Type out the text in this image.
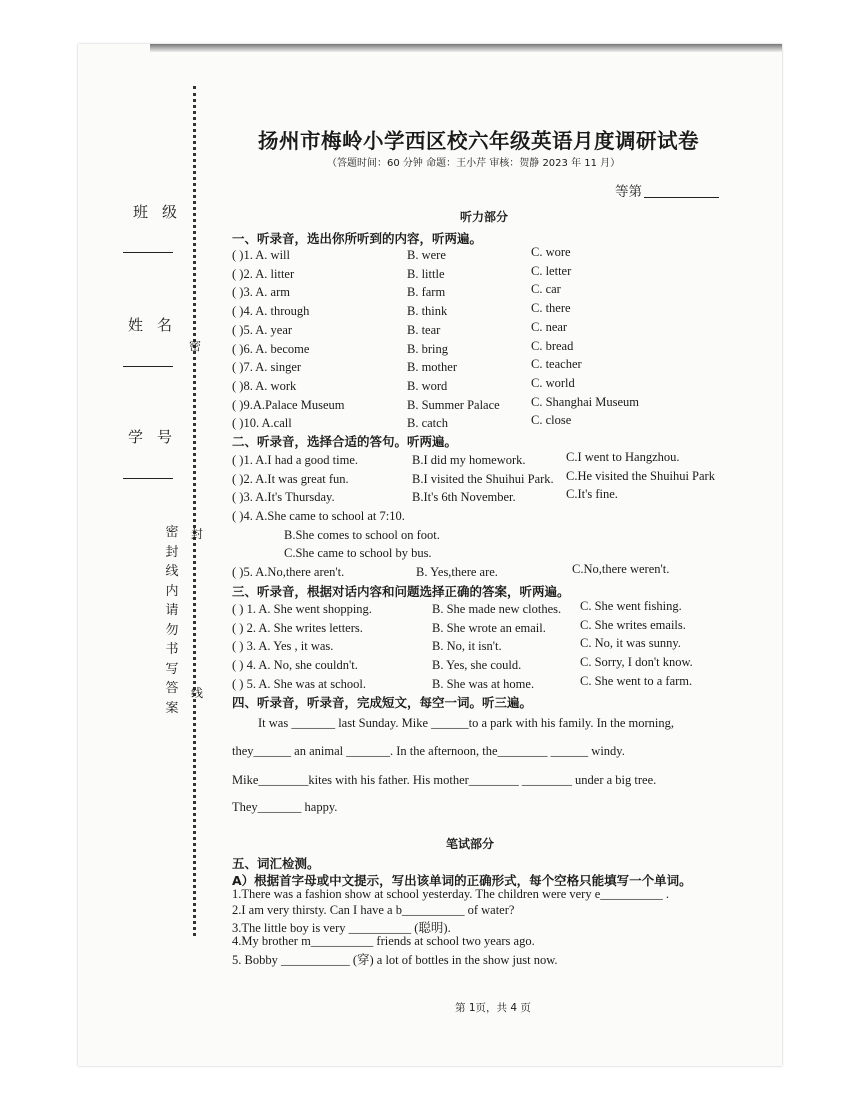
班级
姓名
学号
密
封
线
密封线内请勿书写答案
扬州市梅岭小学西区校六年级英语月度调研试卷
（答题时间：60 分钟 命题：王小芹 审核：贺静 2023 年 11 月）
等第
听力部分
一、听录音，选出你所听到的内容，听两遍。
( )1. A. will	B. were	C. wore
( )2. A. litter	B. little	C. letter
( )3. A. arm	B. farm	C. car
( )4. A. through	B. think	C. there
( )5. A. year	B. tear	C. near
( )6. A. become	B. bring	C. bread
( )7. A. singer	B. mother	C. teacher
( )8. A. work	B. word	C. world
( )9.A.Palace Museum	B. Summer Palace	C. Shanghai Museum
( )10. A.call	B. catch	C. close
二、听录音，选择合适的答句。听两遍。
( )1. A.I had a good time.	B.I did my homework.	C.I went to Hangzhou.
( )2. A.It was great fun.	B.I visited the Shuihui Park. C.He visited the Shuihui Park
( )3. A.It's Thursday.	B.It's 6th November.	C.It's fine.
( )4. A.She came to school at 7:10.
B.She comes to school on foot.
C.She came to school by bus.
( )5. A.No,there aren't.	B. Yes,there are.	C.No,there weren't.
三、听录音，根据对话内容和问题选择正确的答案，听两遍。
( ) 1. A. She went shopping.	B. She made new clothes. C. She went fishing.
( ) 2. A. She writes letters.	B. She wrote an email.	C. She writes emails.
( ) 3. A. Yes , it was.	B. No, it isn't.	C. No, it was sunny.
( ) 4. A. No, she couldn't.	B. Yes, she could.	C. Sorry, I don't know.
( ) 5. A. She was at school.	B. She was at home.	C. She went to a farm.
四、听录音，听录音，完成短文，每空一词。听三遍。
It was _______ last Sunday. Mike ______to a park with his family. In the morning,
they______ an animal _______. In the afternoon, the________ ______ windy.
Mike________kites with his father. His mother________ ________ under a big tree.
They_______ happy.
笔试部分
五、词汇检测。
A）根据首字母或中文提示，写出该单词的正确形式，每个空格只能填写一个单词。
1.There was a fashion show at school yesterday. The children were very e__________ .
2.I am very thirsty. Can I have a b__________ of water?
3.The little boy is very __________ (聪明).
4.My brother m__________ friends at school two years ago.
5. Bobby ___________ (穿) a lot of bottles in the show just now.
第 1页，共 4 页
